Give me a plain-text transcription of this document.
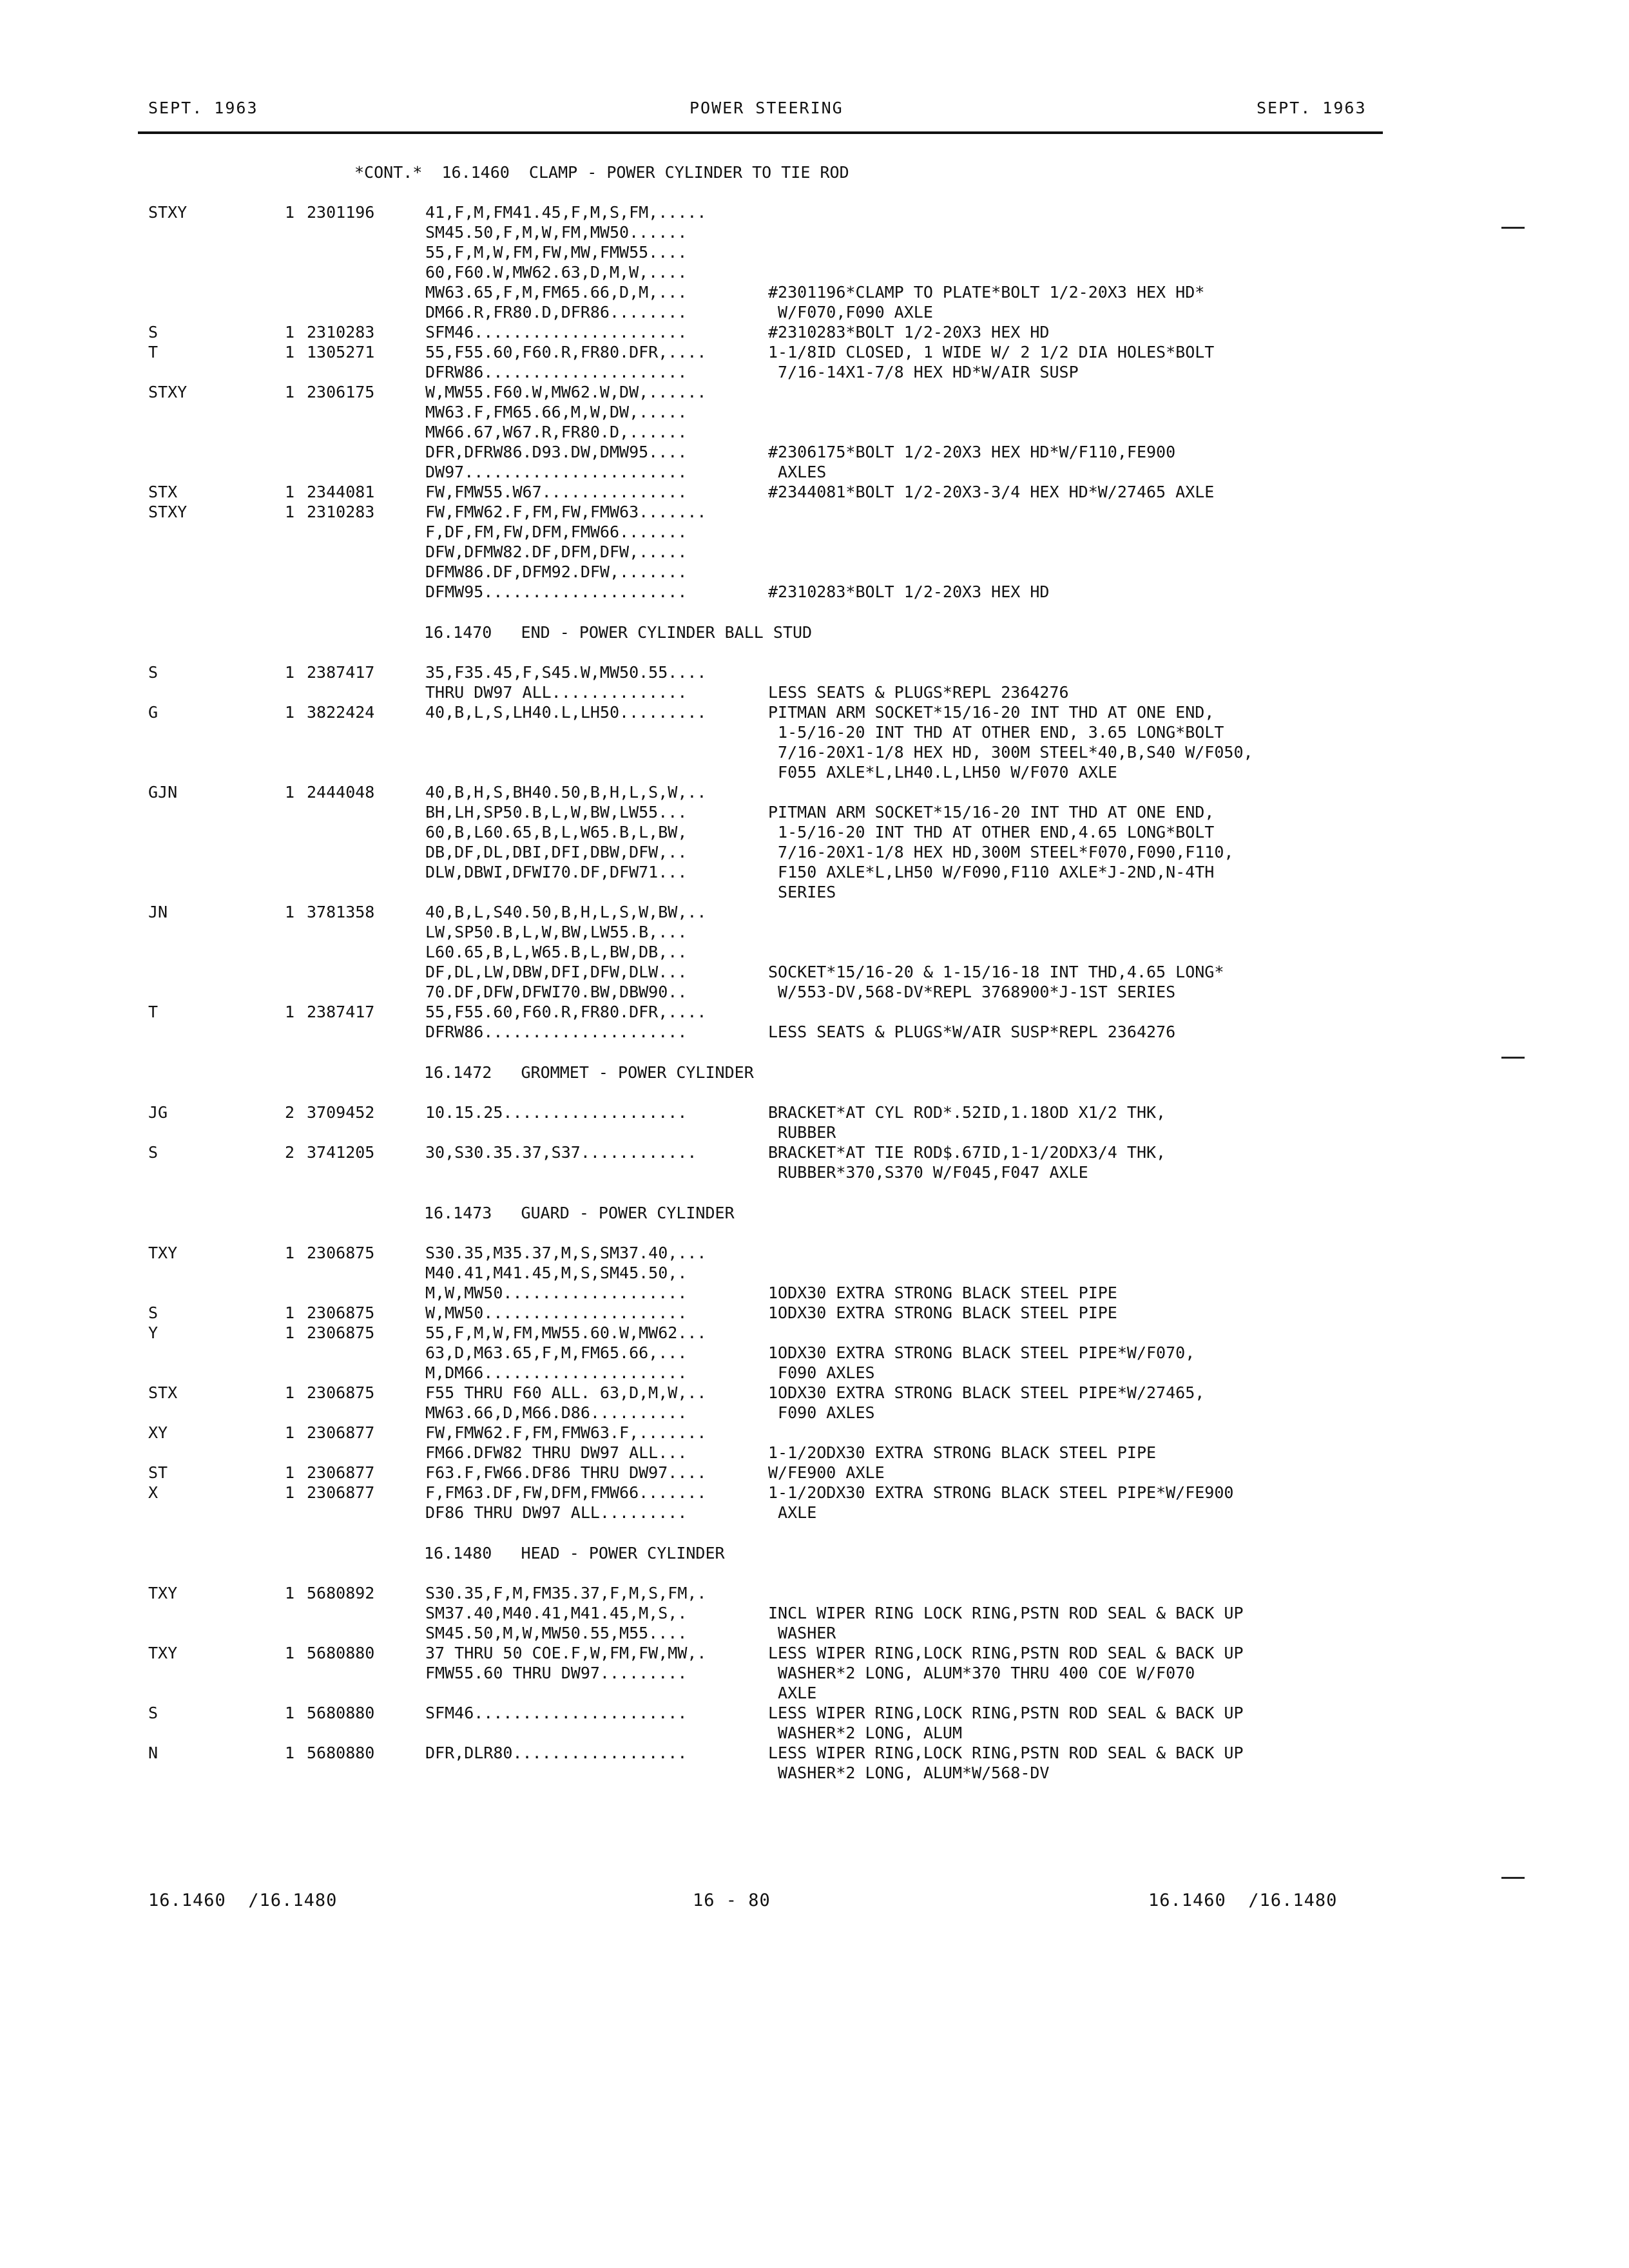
SEPT. 1963	POWER STEERING	SEPT. 1963
*CONT.*  16.1460  CLAMP - POWER CYLINDER TO TIE ROD
STXY	1 2301196	41,F,M,FM41.45,F,M,S,FM,.....
SM45.50,F,M,W,FM,MW50......
55,F,M,W,FM,FW,MW,FMW55....
60,F60.W,MW62.63,D,M,W,....
MW63.65,F,M,FM65.66,D,M,...	#2301196*CLAMP TO PLATE*BOLT 1/2-20X3 HEX HD*
DM66.R,FR80.D,DFR86........	W/F070,F090 AXLE
S	1 2310283	SFM46......................	#2310283*BOLT 1/2-20X3 HEX HD
T	1 1305271	55,F55.60,F60.R,FR80.DFR,....	1-1/8ID CLOSED, 1 WIDE W/ 2 1/2 DIA HOLES*BOLT
DFRW86.....................	7/16-14X1-7/8 HEX HD*W/AIR SUSP
STXY	1 2306175	W,MW55.F60.W,MW62.W,DW,......
MW63.F,FM65.66,M,W,DW,.....
MW66.67,W67.R,FR80.D,......
DFR,DFRW86.D93.DW,DMW95....	#2306175*BOLT 1/2-20X3 HEX HD*W/F110,FE900
DW97.......................	AXLES
STX	1 2344081	FW,FMW55.W67...............	#2344081*BOLT 1/2-20X3-3/4 HEX HD*W/27465 AXLE
STXY	1 2310283	FW,FMW62.F,FM,FW,FMW63.......
F,DF,FM,FW,DFM,FMW66.......
DFW,DFMW82.DF,DFM,DFW,.....
DFMW86.DF,DFM92.DFW,.......
DFMW95.....................	#2310283*BOLT 1/2-20X3 HEX HD
16.1470   END - POWER CYLINDER BALL STUD
S	1 2387417	35,F35.45,F,S45.W,MW50.55....
THRU DW97 ALL..............	LESS SEATS & PLUGS*REPL 2364276
G	1 3822424	40,B,L,S,LH40.L,LH50.........	PITMAN ARM SOCKET*15/16-20 INT THD AT ONE END,
1-5/16-20 INT THD AT OTHER END, 3.65 LONG*BOLT
7/16-20X1-1/8 HEX HD, 300M STEEL*40,B,S40 W/F050,
F055 AXLE*L,LH40.L,LH50 W/F070 AXLE
GJN	1 2444048	40,B,H,S,BH40.50,B,H,L,S,W,..
BH,LH,SP50.B,L,W,BW,LW55...	PITMAN ARM SOCKET*15/16-20 INT THD AT ONE END,
60,B,L60.65,B,L,W65.B,L,BW,	1-5/16-20 INT THD AT OTHER END,4.65 LONG*BOLT
DB,DF,DL,DBI,DFI,DBW,DFW,..	7/16-20X1-1/8 HEX HD,300M STEEL*F070,F090,F110,
DLW,DBWI,DFWI70.DF,DFW71...	F150 AXLE*L,LH50 W/F090,F110 AXLE*J-2ND,N-4TH
SERIES
JN	1 3781358	40,B,L,S40.50,B,H,L,S,W,BW,..
LW,SP50.B,L,W,BW,LW55.B,...
L60.65,B,L,W65.B,L,BW,DB,..
DF,DL,LW,DBW,DFI,DFW,DLW...	SOCKET*15/16-20 & 1-15/16-18 INT THD,4.65 LONG*
70.DF,DFW,DFWI70.BW,DBW90..	W/553-DV,568-DV*REPL 3768900*J-1ST SERIES
T	1 2387417	55,F55.60,F60.R,FR80.DFR,....
DFRW86.....................	LESS SEATS & PLUGS*W/AIR SUSP*REPL 2364276
16.1472   GROMMET - POWER CYLINDER
JG	2 3709452	10.15.25...................	BRACKET*AT CYL ROD*.52ID,1.18OD X1/2 THK,
RUBBER
S	2 3741205	30,S30.35.37,S37............	BRACKET*AT TIE ROD$.67ID,1-1/2ODX3/4 THK,
RUBBER*370,S370 W/F045,F047 AXLE
16.1473   GUARD - POWER CYLINDER
TXY	1 2306875	S30.35,M35.37,M,S,SM37.40,...
M40.41,M41.45,M,S,SM45.50,.
M,W,MW50...................	1ODX30 EXTRA STRONG BLACK STEEL PIPE
S	1 2306875	W,MW50.....................	1ODX30 EXTRA STRONG BLACK STEEL PIPE
Y	1 2306875	55,F,M,W,FM,MW55.60.W,MW62...
63,D,M63.65,F,M,FM65.66,...	1ODX30 EXTRA STRONG BLACK STEEL PIPE*W/F070,
M,DM66.....................	F090 AXLES
STX	1 2306875	F55 THRU F60 ALL. 63,D,M,W,..	1ODX30 EXTRA STRONG BLACK STEEL PIPE*W/27465,
MW63.66,D,M66.D86..........	F090 AXLES
XY	1 2306877	FW,FMW62.F,FM,FMW63.F,.......
FM66.DFW82 THRU DW97 ALL...	1-1/2ODX30 EXTRA STRONG BLACK STEEL PIPE
ST	1 2306877	F63.F,FW66.DF86 THRU DW97....	W/FE900 AXLE
X	1 2306877	F,FM63.DF,FW,DFM,FMW66.......	1-1/2ODX30 EXTRA STRONG BLACK STEEL PIPE*W/FE900
DF86 THRU DW97 ALL.........	AXLE
16.1480   HEAD - POWER CYLINDER
TXY	1 5680892	S30.35,F,M,FM35.37,F,M,S,FM,.
SM37.40,M40.41,M41.45,M,S,.	INCL WIPER RING LOCK RING,PSTN ROD SEAL & BACK UP
SM45.50,M,W,MW50.55,M55....	WASHER
TXY	1 5680880	37 THRU 50 COE.F,W,FM,FW,MW,.	LESS WIPER RING,LOCK RING,PSTN ROD SEAL & BACK UP
FMW55.60 THRU DW97.........	WASHER*2 LONG, ALUM*370 THRU 400 COE W/F070
AXLE
S	1 5680880	SFM46......................	LESS WIPER RING,LOCK RING,PSTN ROD SEAL & BACK UP
WASHER*2 LONG, ALUM
N	1 5680880	DFR,DLR80..................	LESS WIPER RING,LOCK RING,PSTN ROD SEAL & BACK UP
WASHER*2 LONG, ALUM*W/568-DV
16.1460  /16.1480	16 - 80	16.1460  /16.1480
